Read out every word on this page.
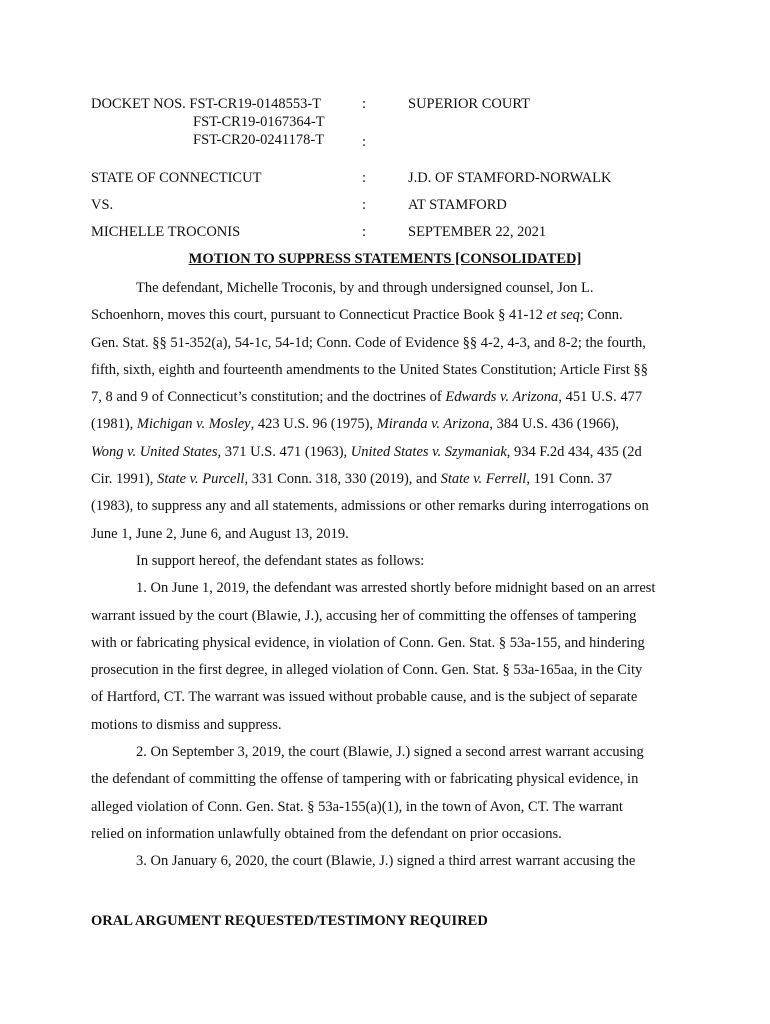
DOCKET NOS. FST-CR19-0148553-T	:	SUPERIOR COURT
FST-CR19-0167364-T
FST-CR20-0241178-T	:
STATE OF CONNECTICUT	:	J.D. OF STAMFORD-NORWALK
VS.	:	AT STAMFORD
MICHELLE TROCONIS	:	SEPTEMBER 22, 2021
MOTION TO SUPPRESS STATEMENTS [CONSOLIDATED]
The defendant, Michelle Troconis, by and through undersigned counsel, Jon L.
Schoenhorn, moves this court, pursuant to Connecticut Practice Book § 41-12 et seq; Conn.
Gen. Stat. §§ 51-352(a), 54-1c, 54-1d; Conn. Code of Evidence §§ 4-2, 4-3, and 8-2; the fourth,
fifth, sixth, eighth and fourteenth amendments to the United States Constitution; Article First §§
7, 8 and 9 of Connecticut’s constitution; and the doctrines of Edwards v. Arizona, 451 U.S. 477
(1981), Michigan v. Mosley, 423 U.S. 96 (1975), Miranda v. Arizona, 384 U.S. 436 (1966),
Wong v. United States, 371 U.S. 471 (1963), United States v. Szymaniak, 934 F.2d 434, 435 (2d
Cir. 1991), State v. Purcell, 331 Conn. 318, 330 (2019), and State v. Ferrell, 191 Conn. 37
(1983), to suppress any and all statements, admissions or other remarks during interrogations on
June 1, June 2, June 6, and August 13, 2019.
In support hereof, the defendant states as follows:
1. On June 1, 2019, the defendant was arrested shortly before midnight based on an arrest
warrant issued by the court (Blawie, J.), accusing her of committing the offenses of tampering
with or fabricating physical evidence, in violation of Conn. Gen. Stat. § 53a-155, and hindering
prosecution in the first degree, in alleged violation of Conn. Gen. Stat. § 53a-165aa, in the City
of Hartford, CT. The warrant was issued without probable cause, and is the subject of separate
motions to dismiss and suppress.
2. On September 3, 2019, the court (Blawie, J.) signed a second arrest warrant accusing
the defendant of committing the offense of tampering with or fabricating physical evidence, in
alleged violation of Conn. Gen. Stat. § 53a-155(a)(1), in the town of Avon, CT. The warrant
relied on information unlawfully obtained from the defendant on prior occasions.
3. On January 6, 2020, the court (Blawie, J.) signed a third arrest warrant accusing the
ORAL ARGUMENT REQUESTED/TESTIMONY REQUIRED
